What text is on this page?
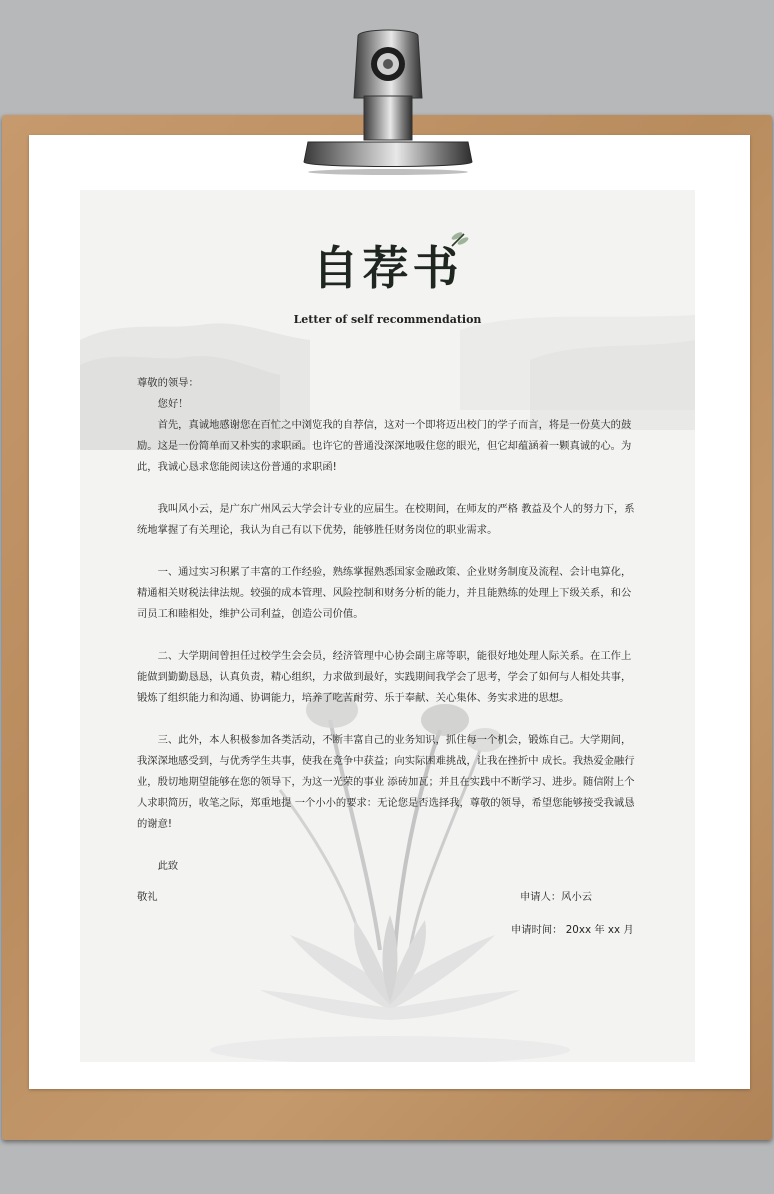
自荐书
Letter of self recommendation

尊敬的领导：

您好！

首先，真诚地感谢您在百忙之中浏览我的自荐信，这对一个即将迈出校门的学子而言，将是一份莫大的鼓励。这是一份简单而又朴实的求职函。也许它的普通没深深地吸住您的眼光，但它却蕴涵着一颗真诚的心。为此，我诚心恳求您能阅读这份普通的求职函!

我叫风小云，是广东广州风云大学会计专业的应届生。在校期间，在师友的严格 教益及个人的努力下，系统地掌握了有关理论，我认为自己有以下优势，能够胜任财务岗位的职业需求。

一、通过实习积累了丰富的工作经验，熟练掌握熟悉国家金融政策、企业财务制度及流程、会计电算化，精通相关财税法律法规。较强的成本管理、风险控制和财务分析的能力，并且能熟练的处理上下级关系，和公司员工和睦相处，维护公司利益，创造公司价值。

二、大学期间曾担任过校学生会会员，经济管理中心协会副主席等职，能很好地处理人际关系。在工作上能做到勤勤恳恳，认真负责，精心组织，力求做到最好，实践期间我学会了思考，学会了如何与人相处共事，锻炼了组织能力和沟通、协调能力，培养了吃苦耐劳、乐于奉献、关心集体、务实求进的思想。

三、此外，本人积极参加各类活动，不断丰富自己的业务知识，抓住每一个机会，锻炼自己。大学期间，我深深地感受到，与优秀学生共事，使我在竞争中获益；向实际困难挑战，让我在挫折中 成长。我热爱金融行业，殷切地期望能够在您的领导下，为这一光荣的事业 添砖加瓦；并且在实践中不断学习、进步。随信附上个人求职简历，收笔之际，郑重地提 一个小小的要求：无论您是否选择我，尊敬的领导，希望您能够接受我诚恳的谢意!

此致

敬礼	申请人：风小云
申请时间： 20xx 年 xx 月
